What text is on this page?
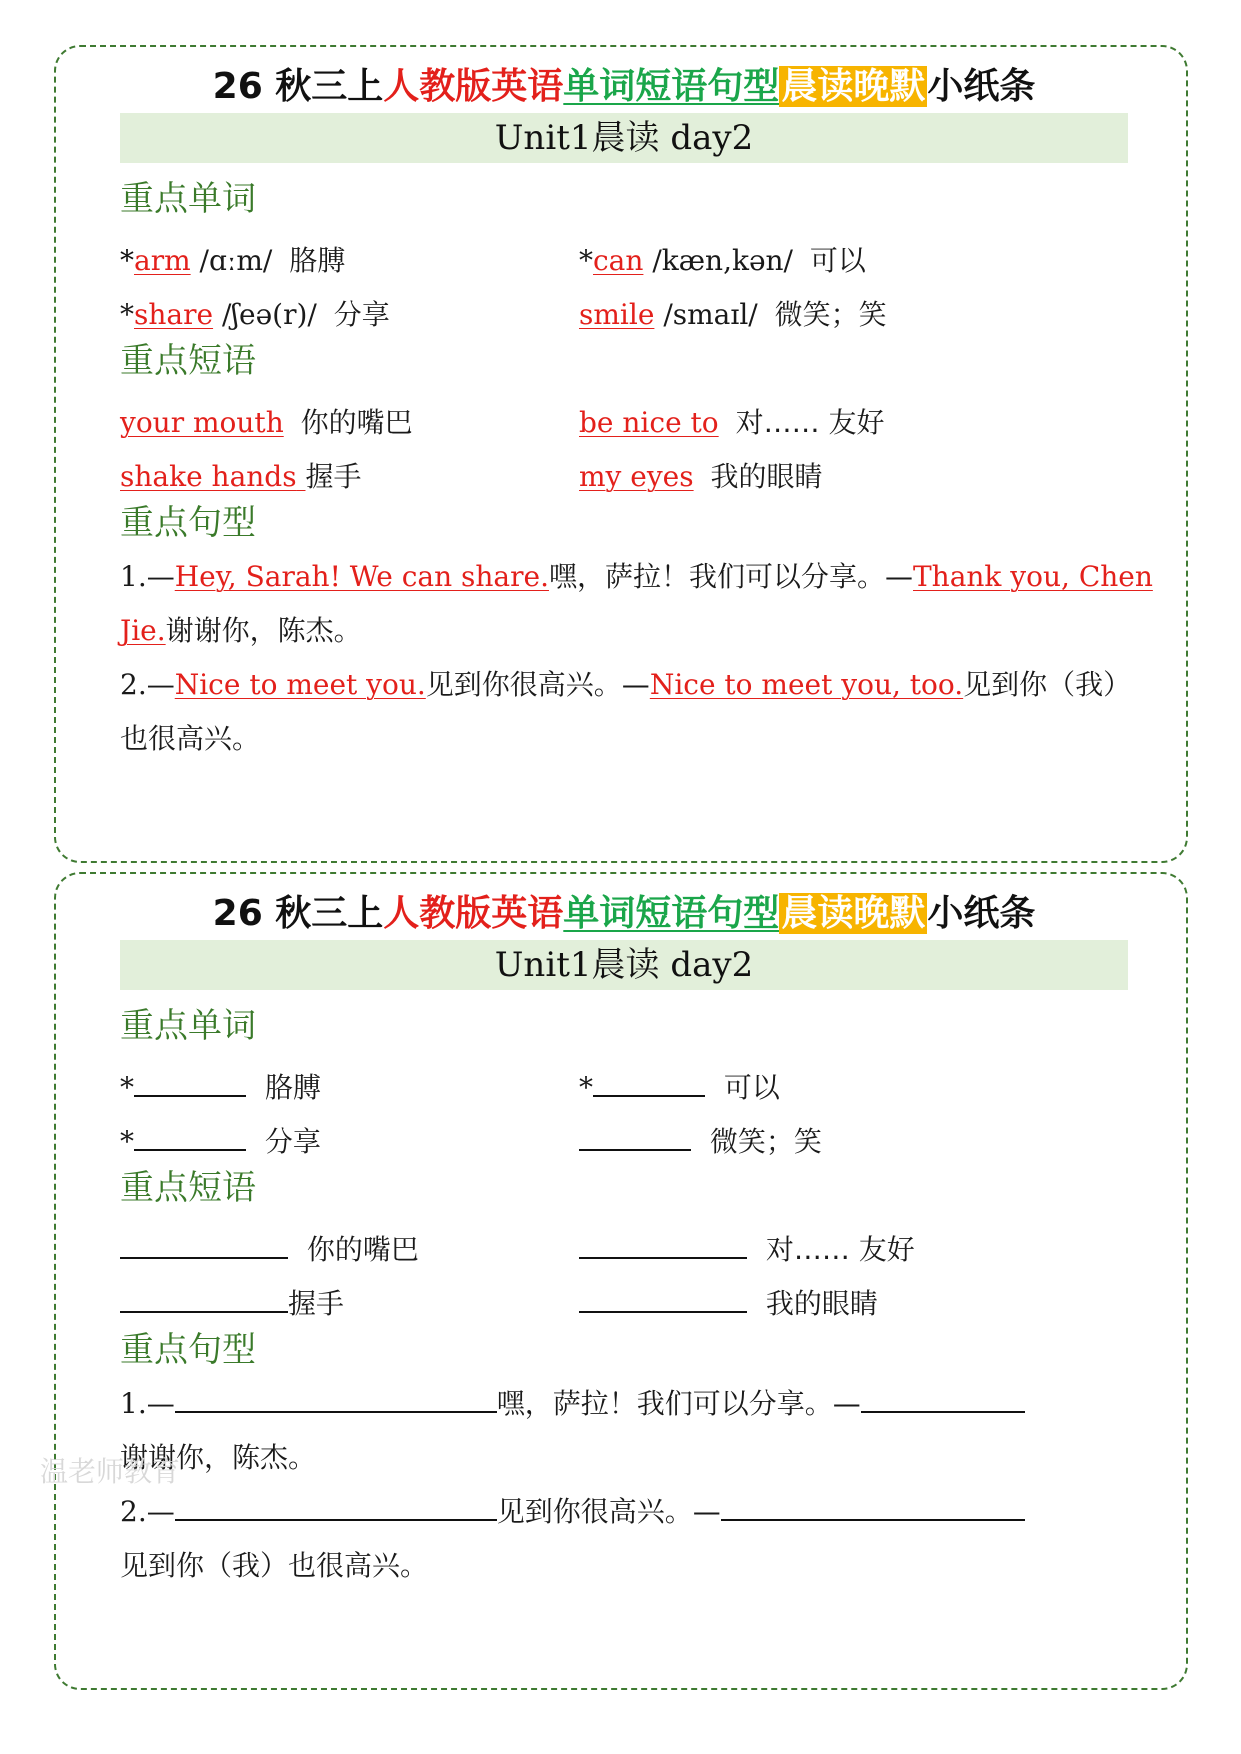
26 秋三上人教版英语单词短语句型晨读晚默小纸条
Unit1晨读 day2
重点单词
*arm /ɑːm/ 胳膊	*can /kæn,kən/ 可以
*share /ʃeə(r)/ 分享	smile /smaɪl/ 微笑；笑
重点短语
your mouth 你的嘴巴	be nice to 对…… 友好
shake hands 握手	my eyes 我的眼睛
重点句型
1.—Hey, Sarah! We can share.嘿，萨拉！我们可以分享。—Thank you, Chen
Jie.谢谢你，陈杰。
2.—Nice to meet you.见到你很高兴。—Nice to meet you, too.见到你（我）
也很高兴。
26 秋三上人教版英语单词短语句型晨读晚默小纸条
Unit1晨读 day2
重点单词
*	胳膊	*	可以
*	分享	微笑；笑
重点短语
你的嘴巴	对…… 友好
握手	我的眼睛
重点句型
1.—	嘿，萨拉！我们可以分享。—
谢谢你，陈杰。
2.—	见到你很高兴。—
见到你（我）也很高兴。
温老师教育
